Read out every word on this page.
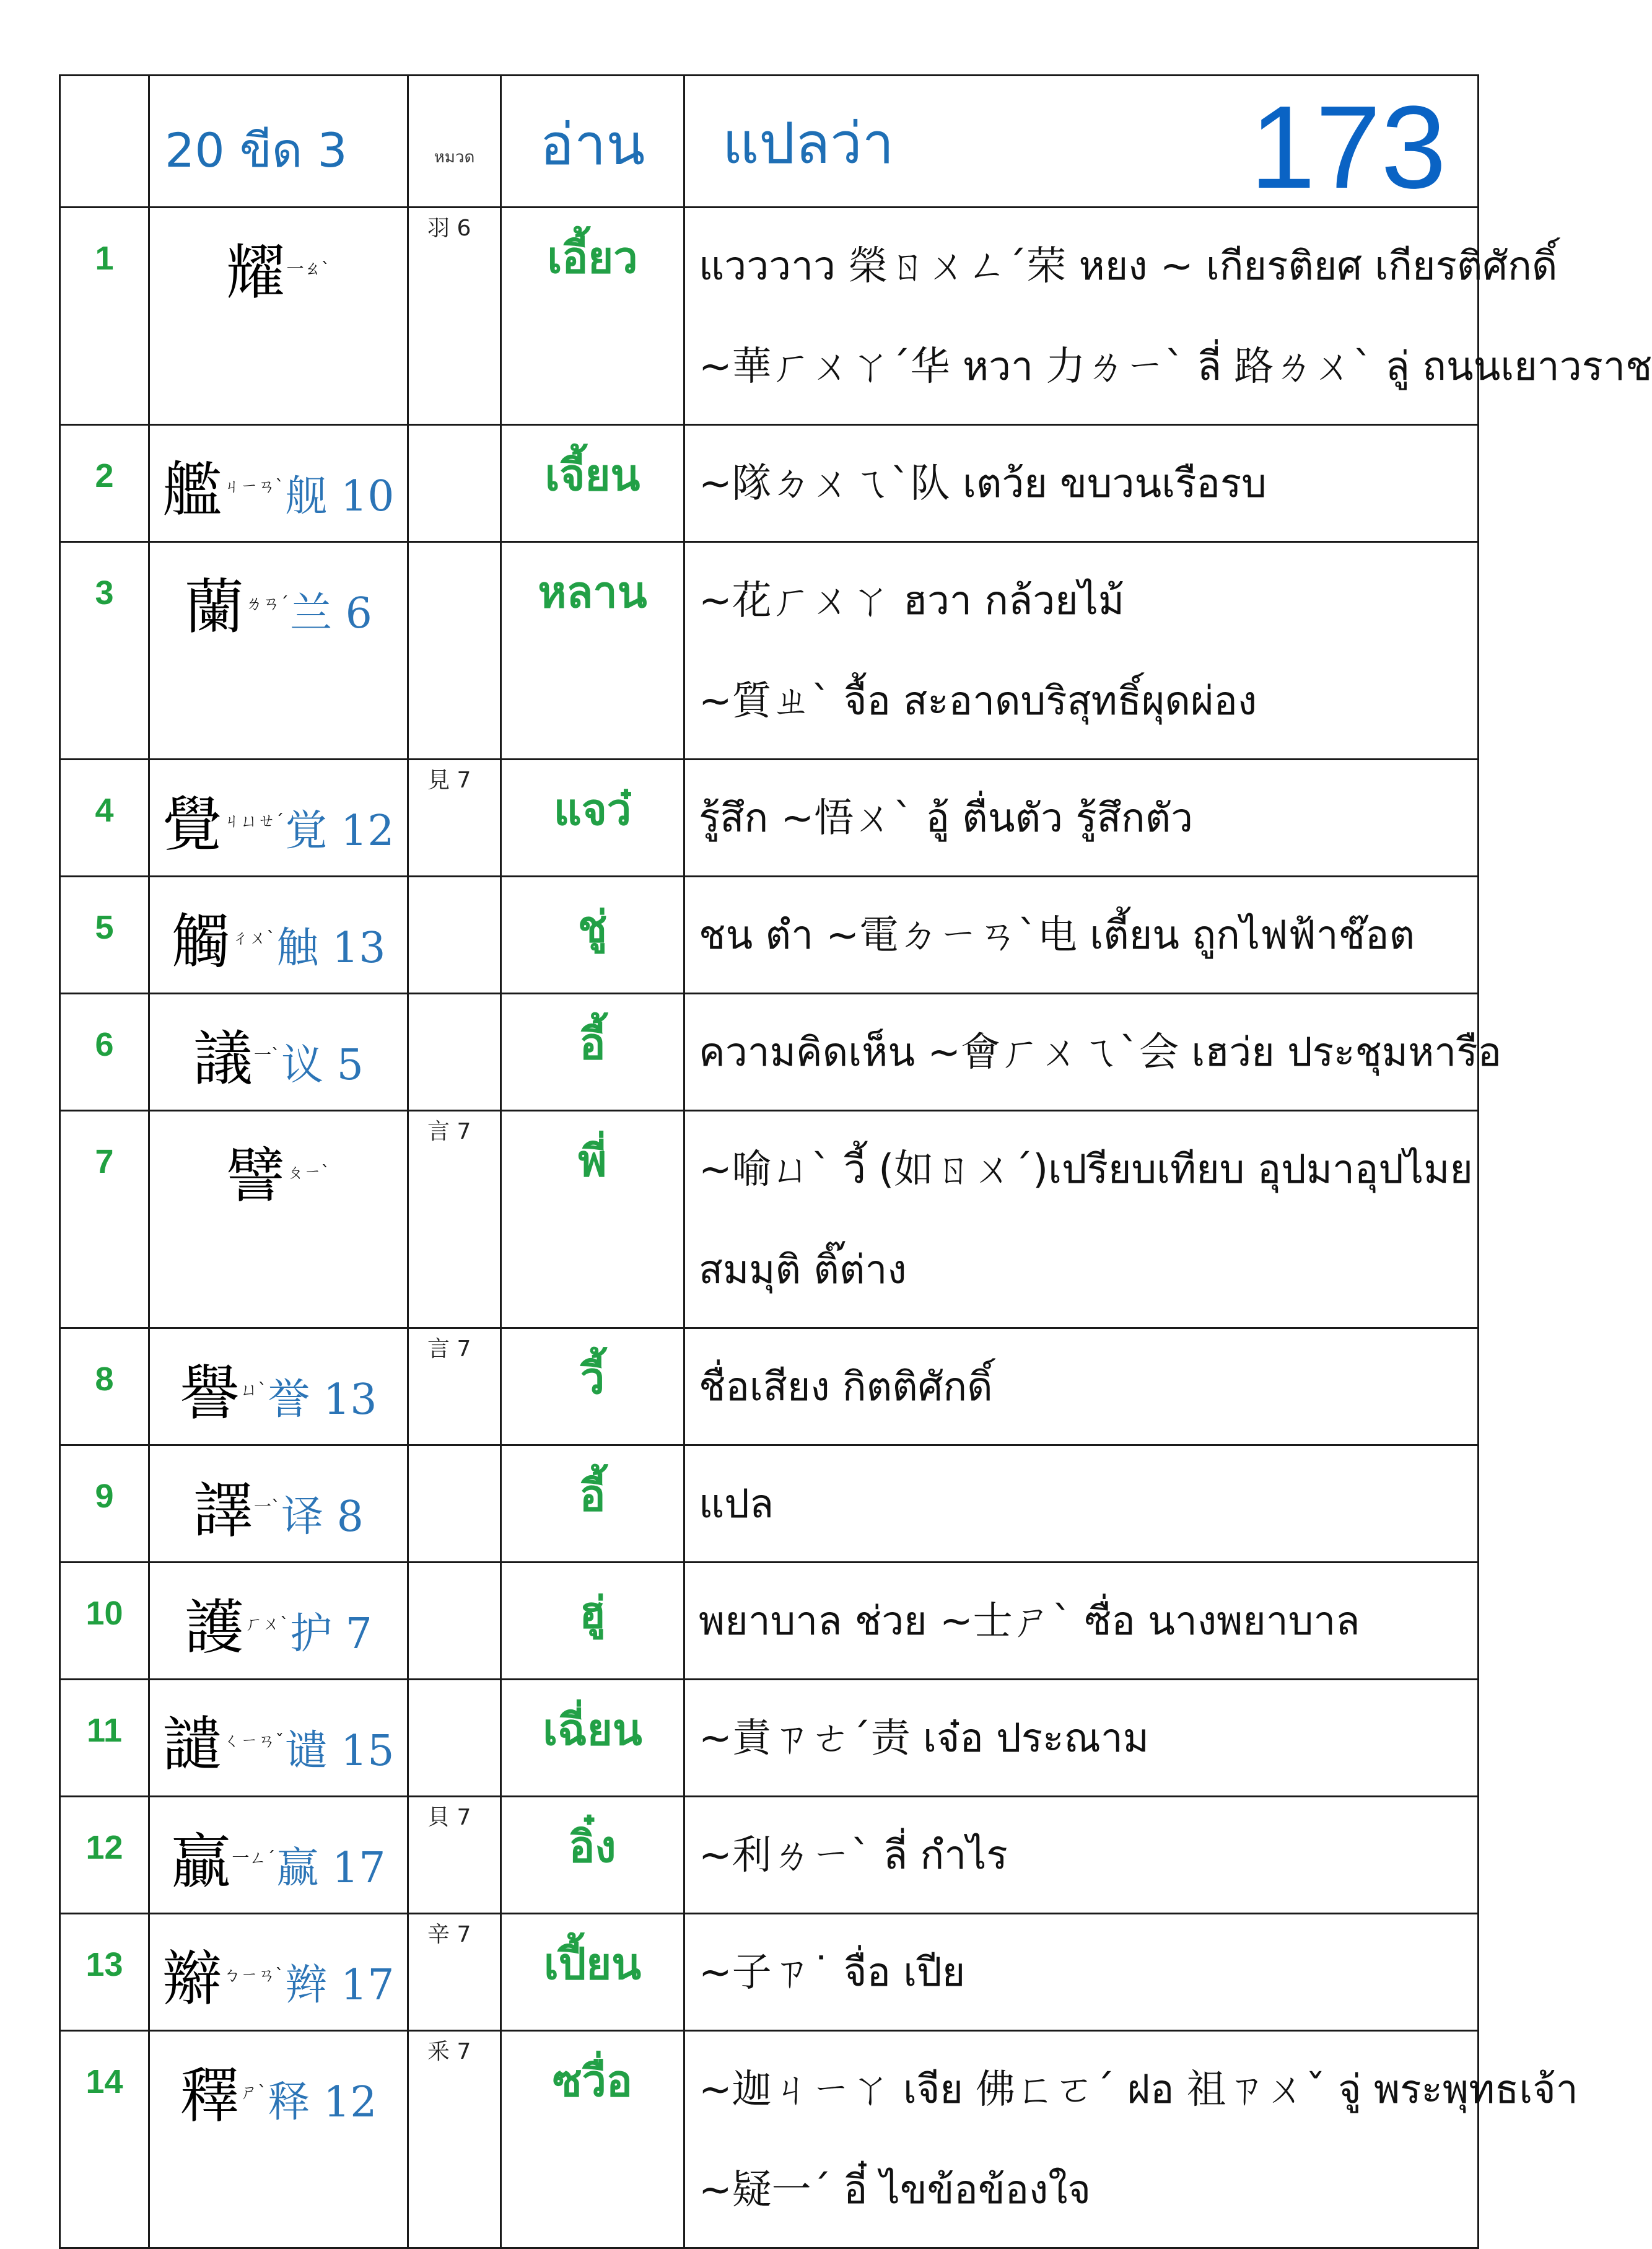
	20 ขีด 3	หมวด	อ่าน	แปลว่า 173

1	耀一ㄠˋ	羽 6	เอี้ยว	แวววาว 榮ㄖㄨㄥˊ荣 หยง ~ เกียรติยศ เกียรติศักดิ์
~華ㄏㄨㄚˊ华 หวา 力ㄌㄧˋ ลี่ 路ㄌㄨˋ ลู่ ถนนเยาวราช

2	艦ㄐㄧㄢˋ舰 10		เจี้ยน	~隊ㄉㄨㄟˋ队 เตว้ย ขบวนเรือรบ

3	蘭ㄌㄢˊ兰 6		หลาน	~花ㄏㄨㄚ ฮวา กล้วยไม้
~質ㄓˋ จื้อ สะอาดบริสุทธิ์ผุดผ่อง

4	覺ㄐㄩㄝˊ覚 12	見 7	แจว๋	รู้สึก ~悟ㄨˋ อู้ ตื่นตัว รู้สึกตัว

5	觸ㄔㄨˋ触 13		ชู่	ชน ตำ ~電ㄉㄧㄢˋ电 เตี้ยน ถูกไฟฟ้าช๊อต

6	議一ˋ议 5		อี้	ความคิดเห็น ~會ㄏㄨㄟˋ会 เฮว่ย ประชุมหารือ

7	譬ㄆㄧˋ	言 7	พี่	~喻ㄩˋ วี้ (如ㄖㄨˊ)เปรียบเทียบ อุปมาอุปไมย
สมมุติ ติ๊ต่าง

8	譽ㄩˋ誉 13	言 7	วี้	ชื่อเสียง กิตติศักดิ์

9	譯一ˋ译 8		อี้	แปล

10	護ㄏㄨˋ护 7		ฮู่	พยาบาล ช่วย ~士ㄕˋ ซื่อ นางพยาบาล

11	譴ㄑㄧㄢˇ谴 15		เฉี่ยน	~責ㄗㄜˊ责 เจ๋อ ประณาม

12	贏一ㄥˊ赢 17	貝 7	อิ๋ง	~利ㄌㄧˋ ลี่ กำไร

13	辮ㄅㄧㄢˋ辫 17	辛 7	เปี้ยน	~子ㄗ˙ จื่อ เปีย

14	釋ㄕˋ释 12	釆 7	ซวื่อ	~迦ㄐㄧㄚ เจีย 佛ㄈㄛˊ ฝอ 祖ㄗㄨˇ จู่ พระพุทธเจ้า
~疑一ˊ อี๋ ไขข้อข้องใจ
